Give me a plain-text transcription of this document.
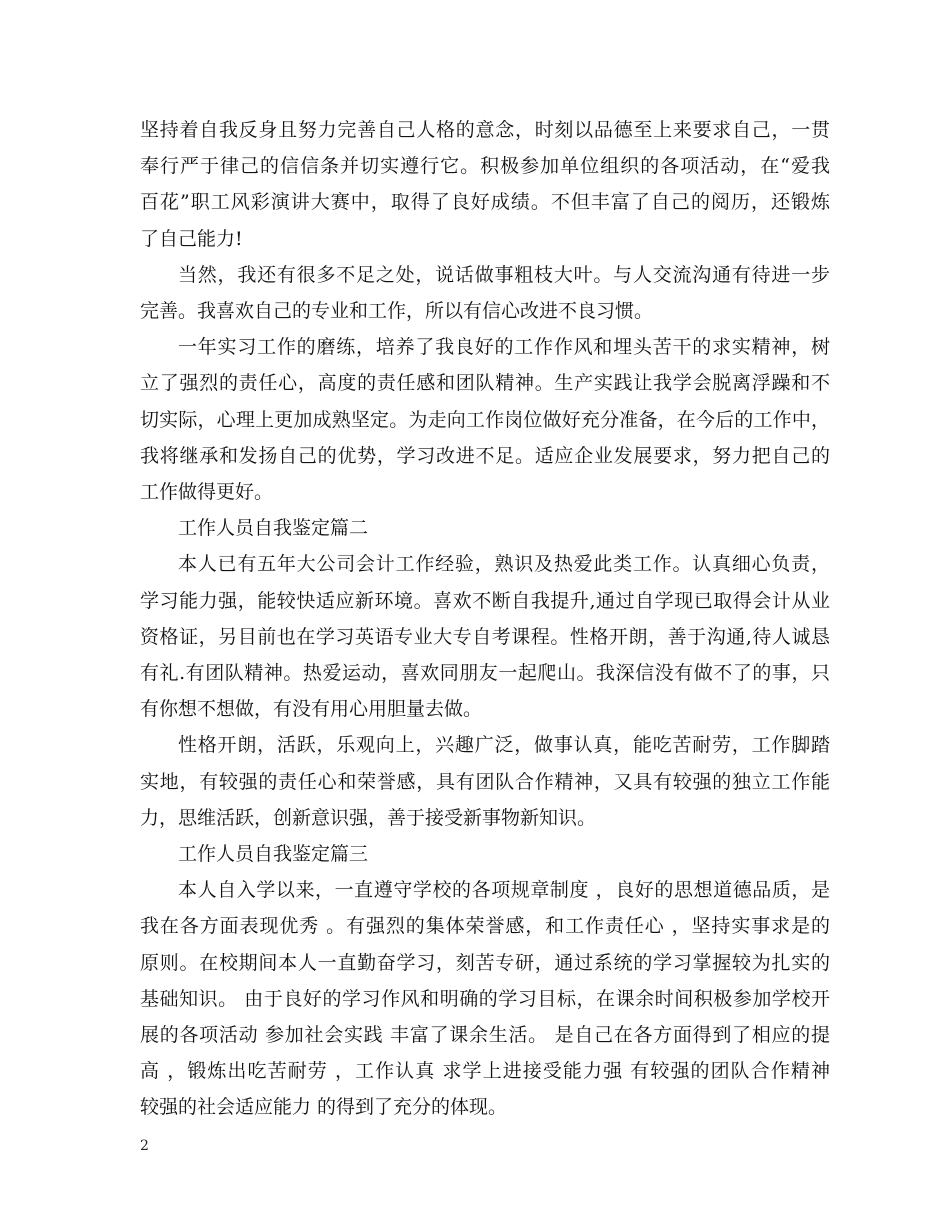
坚持着自我反身且努力完善自己人格的意念，时刻以品德至上来要求自己，一贯
奉行严于律己的信信条并切实遵行它。积极参加单位组织的各项活动，在“爱我
百花”职工风彩演讲大赛中，取得了良好成绩。不但丰富了自己的阅历，还锻炼
了自己能力!
当然，我还有很多不足之处，说话做事粗枝大叶。与人交流沟通有待进一步
完善。我喜欢自己的专业和工作，所以有信心改进不良习惯。
一年实习工作的磨练，培养了我良好的工作作风和埋头苦干的求实精神，树
立了强烈的责任心，高度的责任感和团队精神。生产实践让我学会脱离浮躁和不
切实际，心理上更加成熟坚定。为走向工作岗位做好充分准备，在今后的工作中，
我将继承和发扬自己的优势，学习改进不足。适应企业发展要求，努力把自己的
工作做得更好。
工作人员自我鉴定篇二
本人已有五年大公司会计工作经验，熟识及热爱此类工作。认真细心负责，
学习能力强，能较快适应新环境。喜欢不断自我提升,通过自学现已取得会计从业
资格证，另目前也在学习英语专业大专自考课程。性格开朗，善于沟通,待人诚恳
有礼.有团队精神。热爱运动，喜欢同朋友一起爬山。我深信没有做不了的事，只
有你想不想做，有没有用心用胆量去做。
性格开朗，活跃，乐观向上，兴趣广泛，做事认真，能吃苦耐劳，工作脚踏
实地，有较强的责任心和荣誉感，具有团队合作精神，又具有较强的独立工作能
力，思维活跃，创新意识强，善于接受新事物新知识。
工作人员自我鉴定篇三
本人自入学以来，一直遵守学校的各项规章制度 ，良好的思想道德品质，是
我在各方面表现优秀 。有强烈的集体荣誉感，和工作责任心 ，坚持实事求是的
原则。在校期间本人一直勤奋学习，刻苦专研，通过系统的学习掌握较为扎实的
基础知识。 由于良好的学习作风和明确的学习目标，在课余时间积极参加学校开
展的各项活动 参加社会实践 丰富了课余生活。 是自己在各方面得到了相应的提
高 ，锻炼出吃苦耐劳 ，工作认真 求学上进接受能力强 有较强的团队合作精神
较强的社会适应能力 的得到了充分的体现。
2
